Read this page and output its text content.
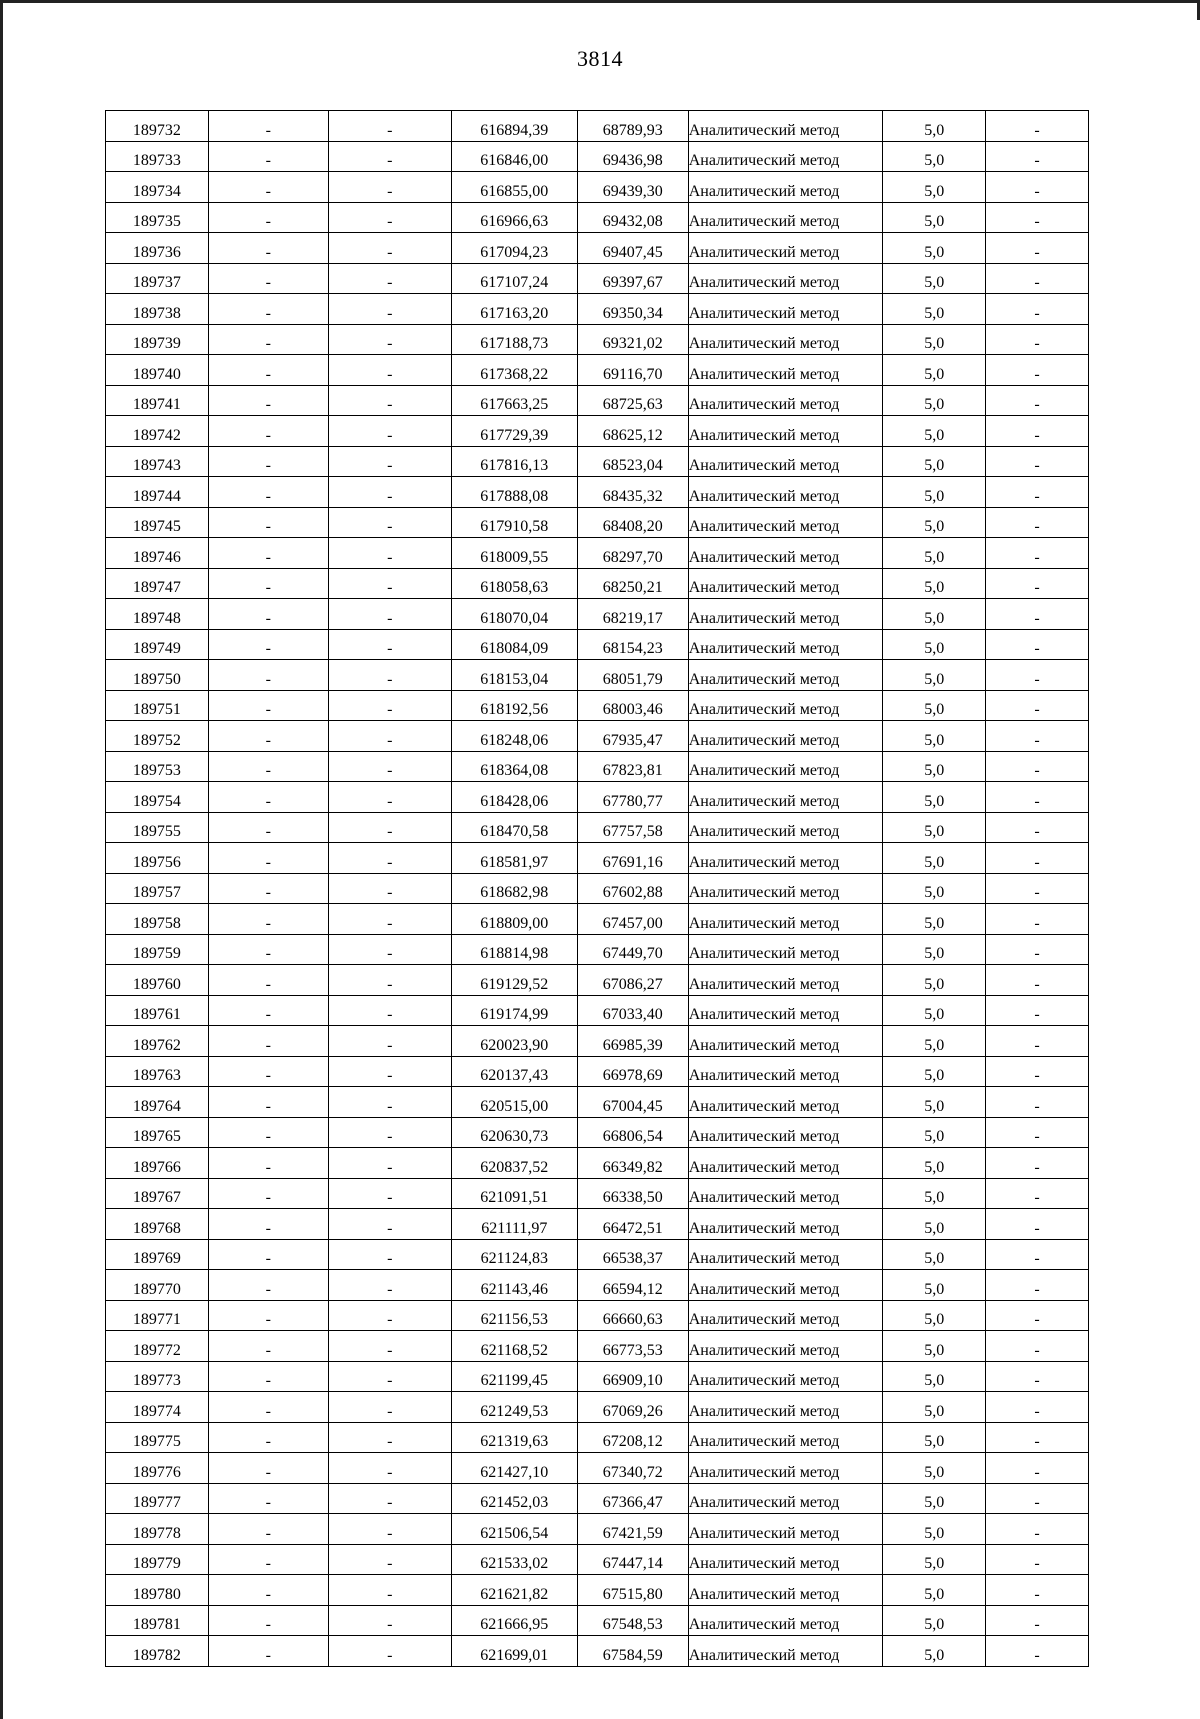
3814
189732	-	-	616894,39	68789,93	Аналитический метод	5,0	-
189733	-	-	616846,00	69436,98	Аналитический метод	5,0	-
189734	-	-	616855,00	69439,30	Аналитический метод	5,0	-
189735	-	-	616966,63	69432,08	Аналитический метод	5,0	-
189736	-	-	617094,23	69407,45	Аналитический метод	5,0	-
189737	-	-	617107,24	69397,67	Аналитический метод	5,0	-
189738	-	-	617163,20	69350,34	Аналитический метод	5,0	-
189739	-	-	617188,73	69321,02	Аналитический метод	5,0	-
189740	-	-	617368,22	69116,70	Аналитический метод	5,0	-
189741	-	-	617663,25	68725,63	Аналитический метод	5,0	-
189742	-	-	617729,39	68625,12	Аналитический метод	5,0	-
189743	-	-	617816,13	68523,04	Аналитический метод	5,0	-
189744	-	-	617888,08	68435,32	Аналитический метод	5,0	-
189745	-	-	617910,58	68408,20	Аналитический метод	5,0	-
189746	-	-	618009,55	68297,70	Аналитический метод	5,0	-
189747	-	-	618058,63	68250,21	Аналитический метод	5,0	-
189748	-	-	618070,04	68219,17	Аналитический метод	5,0	-
189749	-	-	618084,09	68154,23	Аналитический метод	5,0	-
189750	-	-	618153,04	68051,79	Аналитический метод	5,0	-
189751	-	-	618192,56	68003,46	Аналитический метод	5,0	-
189752	-	-	618248,06	67935,47	Аналитический метод	5,0	-
189753	-	-	618364,08	67823,81	Аналитический метод	5,0	-
189754	-	-	618428,06	67780,77	Аналитический метод	5,0	-
189755	-	-	618470,58	67757,58	Аналитический метод	5,0	-
189756	-	-	618581,97	67691,16	Аналитический метод	5,0	-
189757	-	-	618682,98	67602,88	Аналитический метод	5,0	-
189758	-	-	618809,00	67457,00	Аналитический метод	5,0	-
189759	-	-	618814,98	67449,70	Аналитический метод	5,0	-
189760	-	-	619129,52	67086,27	Аналитический метод	5,0	-
189761	-	-	619174,99	67033,40	Аналитический метод	5,0	-
189762	-	-	620023,90	66985,39	Аналитический метод	5,0	-
189763	-	-	620137,43	66978,69	Аналитический метод	5,0	-
189764	-	-	620515,00	67004,45	Аналитический метод	5,0	-
189765	-	-	620630,73	66806,54	Аналитический метод	5,0	-
189766	-	-	620837,52	66349,82	Аналитический метод	5,0	-
189767	-	-	621091,51	66338,50	Аналитический метод	5,0	-
189768	-	-	621111,97	66472,51	Аналитический метод	5,0	-
189769	-	-	621124,83	66538,37	Аналитический метод	5,0	-
189770	-	-	621143,46	66594,12	Аналитический метод	5,0	-
189771	-	-	621156,53	66660,63	Аналитический метод	5,0	-
189772	-	-	621168,52	66773,53	Аналитический метод	5,0	-
189773	-	-	621199,45	66909,10	Аналитический метод	5,0	-
189774	-	-	621249,53	67069,26	Аналитический метод	5,0	-
189775	-	-	621319,63	67208,12	Аналитический метод	5,0	-
189776	-	-	621427,10	67340,72	Аналитический метод	5,0	-
189777	-	-	621452,03	67366,47	Аналитический метод	5,0	-
189778	-	-	621506,54	67421,59	Аналитический метод	5,0	-
189779	-	-	621533,02	67447,14	Аналитический метод	5,0	-
189780	-	-	621621,82	67515,80	Аналитический метод	5,0	-
189781	-	-	621666,95	67548,53	Аналитический метод	5,0	-
189782	-	-	621699,01	67584,59	Аналитический метод	5,0	-
